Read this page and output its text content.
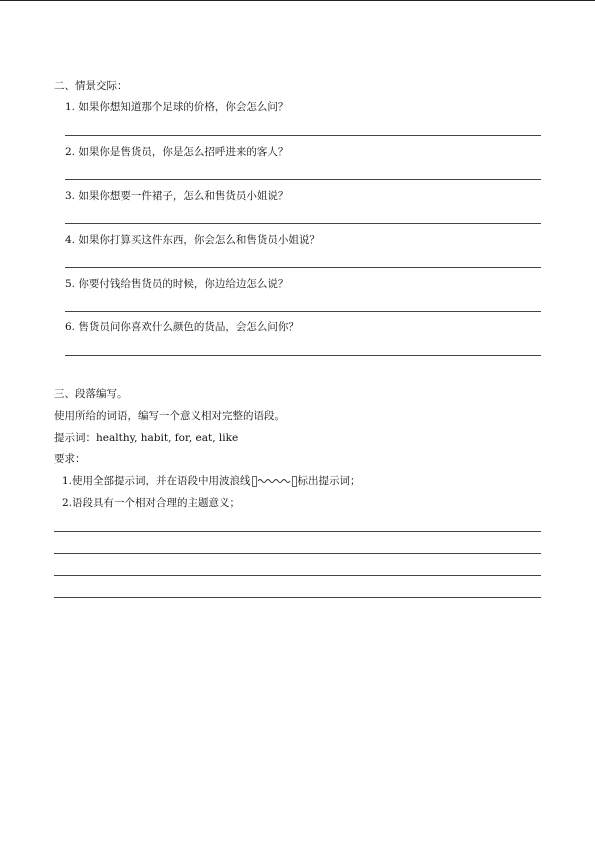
二、情景交际：
1. 如果你想知道那个足球的价格，你会怎么问？
2. 如果你是售货员，你是怎么招呼进来的客人？
3. 如果你想要一件裙子，怎么和售货员小姐说？
4. 如果你打算买这件东西，你会怎么和售货员小姐说？
5. 你要付钱给售货员的时候，你边给边怎么说？
6. 售货员问你喜欢什么颜色的货品，会怎么问你？
三、段落编写。
使用所给的词语，编写一个意义相对完整的语段。
提示词：healthy, habit, for, eat, like
要求：
1.使用全部提示词，并在语段中用波浪线	标出提示词；
2.语段具有一个相对合理的主题意义；
